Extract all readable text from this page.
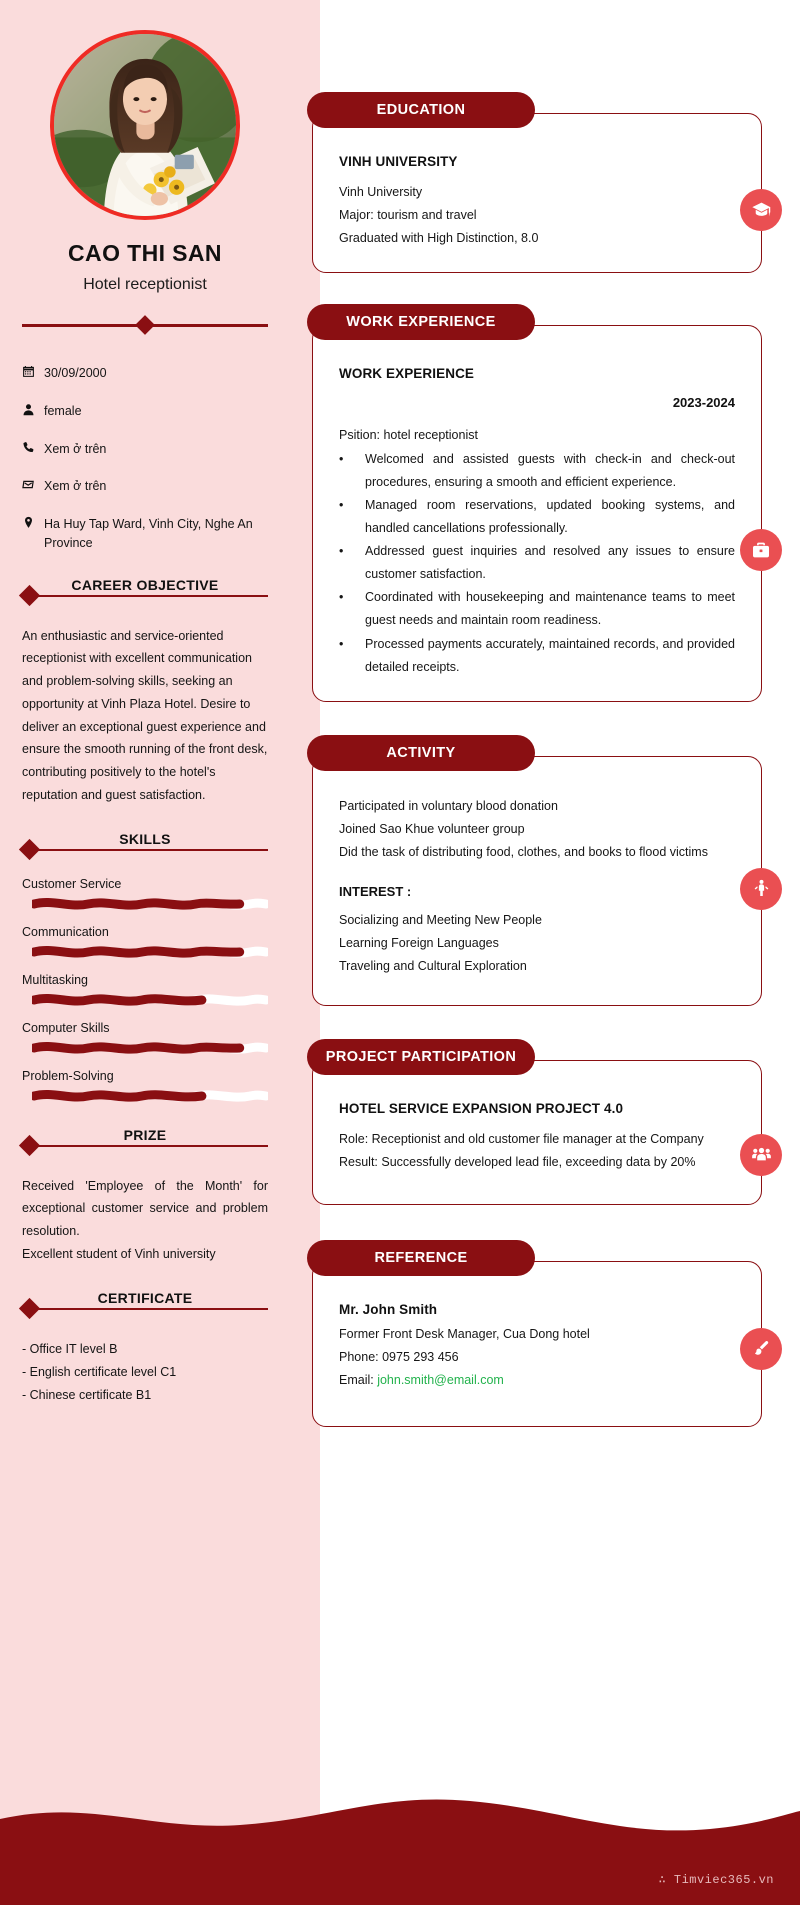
CAO THI SAN
Hotel receptionist
30/09/2000
female
Xem ở trên
Xem ở trên
Ha Huy Tap Ward, Vinh City, Nghe An Province
CAREER OBJECTIVE
An enthusiastic and service-oriented receptionist with excellent communication and problem-solving skills, seeking an opportunity at Vinh Plaza Hotel. Desire to deliver an exceptional guest experience and ensure the smooth running of the front desk, contributing positively to the hotel's reputation and guest satisfaction.
SKILLS
Customer Service
Communication
Multitasking
Computer Skills
Problem-Solving
PRIZE
Received 'Employee of the Month' for exceptional customer service and problem resolution.
Excellent student of Vinh university
CERTIFICATE
- Office IT level B
- English certificate level C1
- Chinese certificate B1
EDUCATION
VINH UNIVERSITY
Vinh University
Major: tourism and travel
Graduated with High Distinction, 8.0
WORK EXPERIENCE
WORK EXPERIENCE
2023-2024
Psition: hotel receptionist
•	Welcomed and assisted guests with check-in and check-out procedures, ensuring a smooth and efficient experience.
•	Managed room reservations, updated booking systems, and handled cancellations professionally.
•	Addressed guest inquiries and resolved any issues to ensure customer satisfaction.
•	Coordinated with housekeeping and maintenance teams to meet guest needs and maintain room readiness.
•	Processed payments accurately, maintained records, and provided detailed receipts.
ACTIVITY
Participated in voluntary blood donation
Joined Sao Khue volunteer group
Did the task of distributing food, clothes, and books to flood victims
INTEREST :
Socializing and Meeting New People
Learning Foreign Languages
Traveling and Cultural Exploration
PROJECT PARTICIPATION
HOTEL SERVICE EXPANSION PROJECT 4.0
Role: Receptionist and old customer file manager at the Company
Result: Successfully developed lead file, exceeding data by 20%
REFERENCE
Mr. John Smith
Former Front Desk Manager, Cua Dong hotel
Phone: 0975 293 456
Email: john.smith@email.com
∴ Timviec365.vn
